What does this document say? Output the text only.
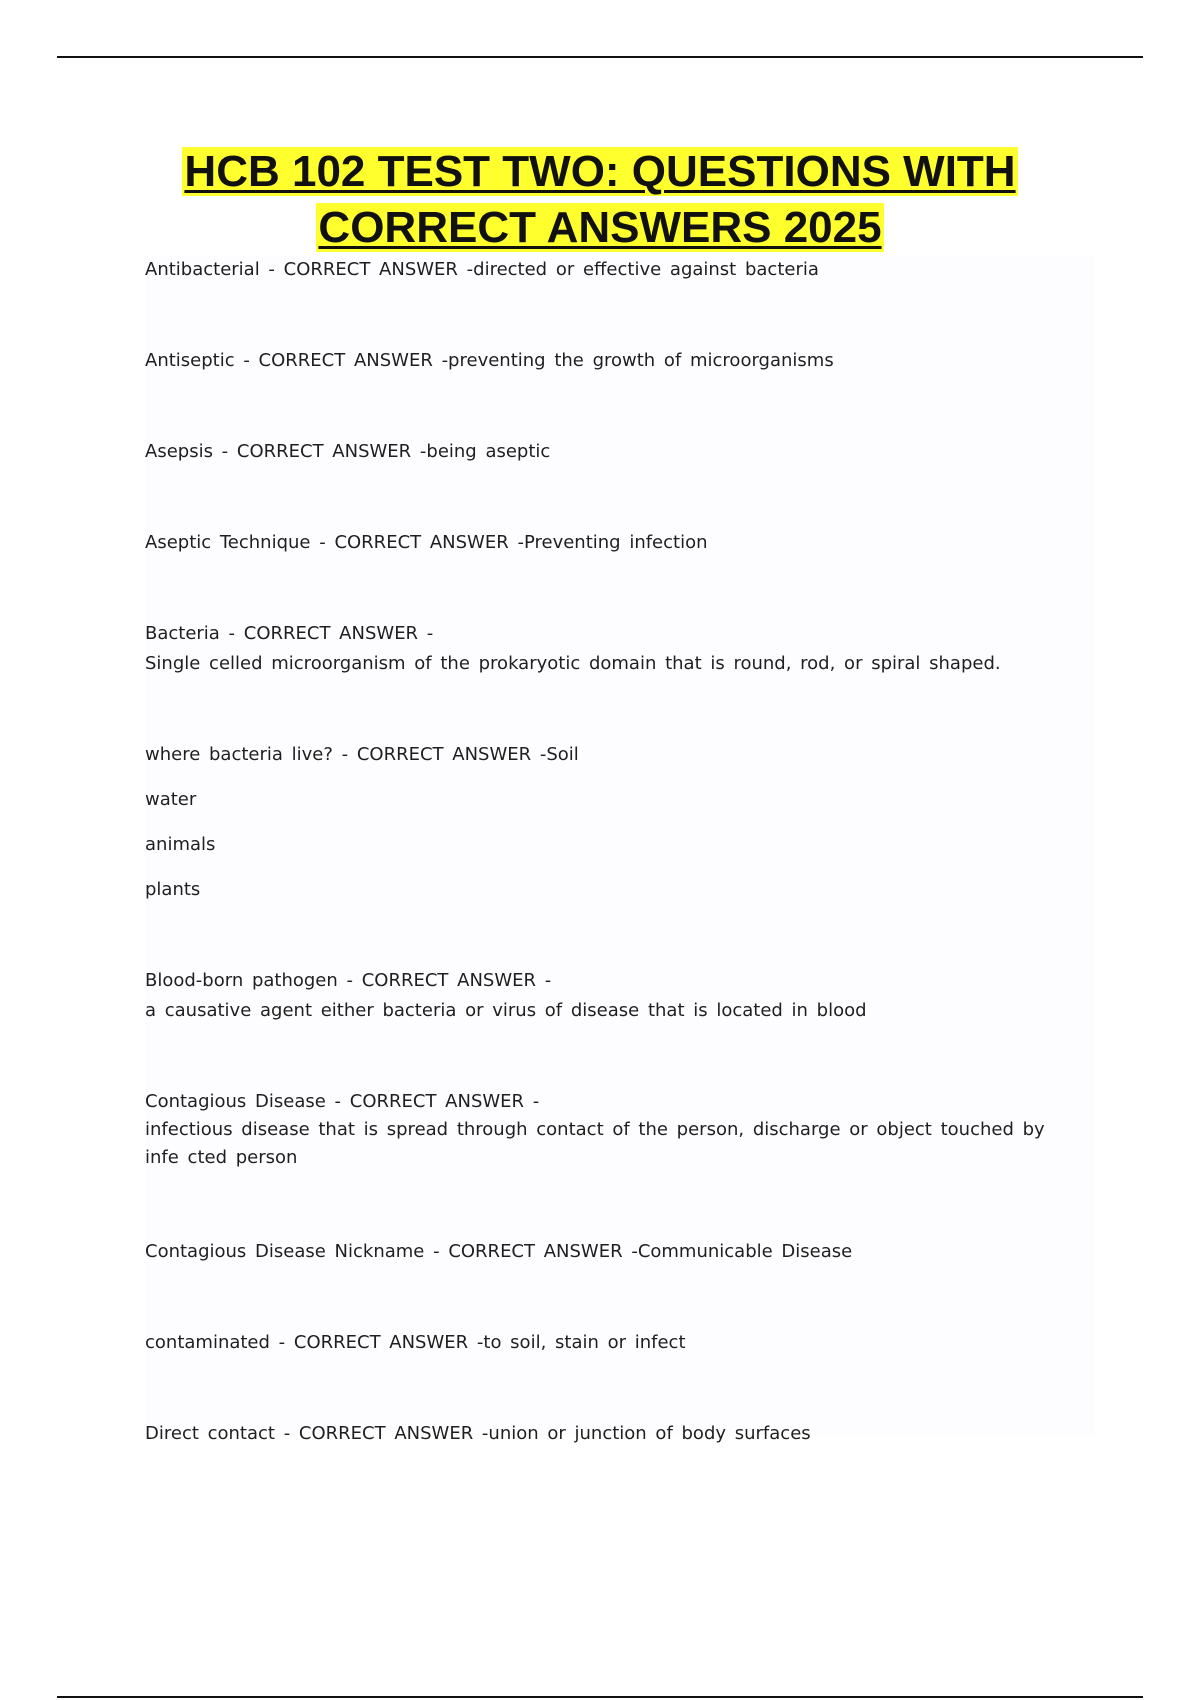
HCB 102 TEST TWO: QUESTIONS WITH
CORRECT ANSWERS 2025

Antibacterial - CORRECT ANSWER -directed or effective against bacteria

Antiseptic - CORRECT ANSWER -preventing the growth of microorganisms

Asepsis - CORRECT ANSWER -being aseptic

Aseptic Technique - CORRECT ANSWER -Preventing infection

Bacteria - CORRECT ANSWER -

Single celled microorganism of the prokaryotic domain that is round, rod, or spiral shaped.

where bacteria live? - CORRECT ANSWER -Soil

water

animals

plants

Blood-born pathogen - CORRECT ANSWER -

a causative agent either bacteria or virus of disease that is located in blood

Contagious Disease - CORRECT ANSWER -

infectious disease that is spread through contact of the person, discharge or object touched by infe cted person

Contagious Disease Nickname - CORRECT ANSWER -Communicable Disease

contaminated - CORRECT ANSWER -to soil, stain or infect

Direct contact - CORRECT ANSWER -union or junction of body surfaces
